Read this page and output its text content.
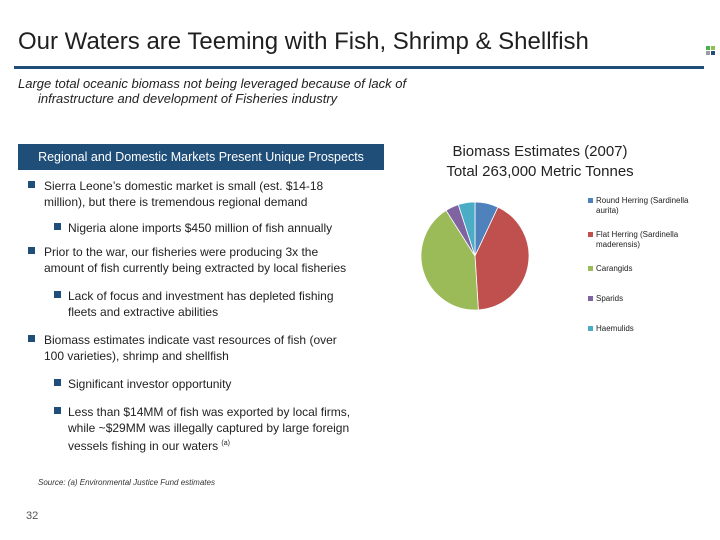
Our Waters are Teeming with Fish, Shrimp & Shellfish
Large total oceanic biomass not being leveraged because of lack of
infrastructure and development of Fisheries industry
Regional and Domestic Markets Present Unique Prospects
Sierra Leone’s domestic market is small (est. $14-18
million), but there is tremendous regional demand
Nigeria alone imports $450 million of fish annually
Prior to the war, our fisheries were producing 3x the
amount of fish currently being extracted by local fisheries
Lack of focus and investment has depleted fishing
fleets and extractive abilities
Biomass estimates indicate vast resources of fish (over
100 varieties), shrimp and shellfish
Significant investor opportunity
Less than $14MM of fish was exported by local firms,
while ~$29MM was illegally captured by large foreign
vessels fishing in our waters $^{(a)}$
Source: (a) Environmental Justice Fund estimates
32
Biomass Estimates (2007)
Total 263,000 Metric Tonnes
Round Herring (Sardinella aurita)
Flat Herring (Sardinella maderensis)
Carangids
Sparids
Haemulids
